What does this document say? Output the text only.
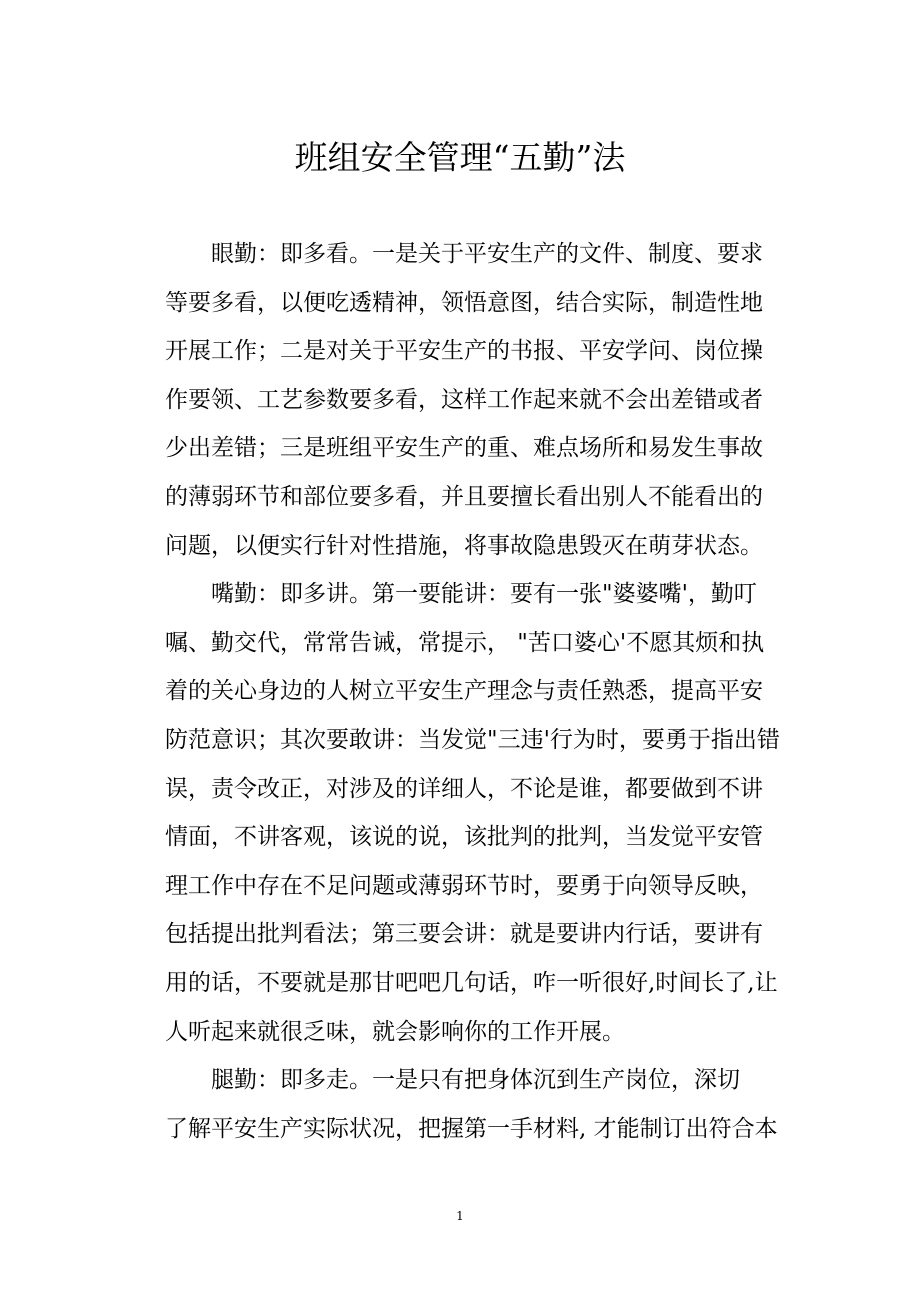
班组安全管理“五勤”法
眼勤：即多看。一是关于平安生产的文件、制度、要求
等要多看，以便吃透精神，领悟意图，结合实际，制造性地
开展工作；二是对关于平安生产的书报、平安学问、岗位操
作要领、工艺参数要多看，这样工作起来就不会出差错或者
少出差错；三是班组平安生产的重、难点场所和易发生事故
的薄弱环节和部位要多看，并且要擅长看出别人不能看出的
问题，以便实行针对性措施，将事故隐患毁灭在萌芽状态。
嘴勤：即多讲。第一要能讲：要有一张"婆婆嘴'，勤叮
嘱、勤交代，常常告诫，常提示， "苦口婆心'不愿其烦和执
着的关心身边的人树立平安生产理念与责任熟悉，提高平安
防范意识；其次要敢讲：当发觉"三违'行为时，要勇于指出错
误，责令改正，对涉及的详细人，不论是谁，都要做到不讲
情面，不讲客观，该说的说，该批判的批判，当发觉平安管
理工作中存在不足问题或薄弱环节时，要勇于向领导反映，
包括提出批判看法；第三要会讲：就是要讲内行话，要讲有
用的话，不要就是那甘吧吧几句话，咋一听很好,时间长了,让
人听起来就很乏味，就会影响你的工作开展。
腿勤：即多走。一是只有把身体沉到生产岗位，深切
了解平安生产实际状况，把握第一手材料, 才能制订出符合本
1
